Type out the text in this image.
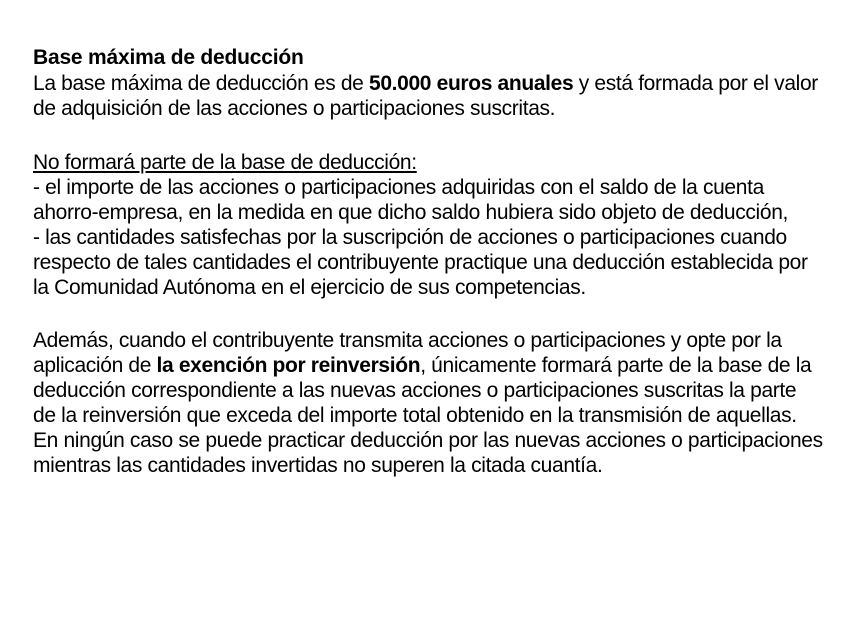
Base máxima de deducción

La base máxima de deducción es de 50.000 euros anuales y está formada por el valor de adquisición de las acciones o participaciones suscritas.

No formará parte de la base de deducción:
- el importe de las acciones o participaciones adquiridas con el saldo de la cuenta ahorro-empresa, en la medida en que dicho saldo hubiera sido objeto de deducción,
- las cantidades satisfechas por la suscripción de acciones o participaciones cuando respecto de tales cantidades el contribuyente practique una deducción establecida por la Comunidad Autónoma en el ejercicio de sus competencias.

Además, cuando el contribuyente transmita acciones o participaciones y opte por la aplicación de la exención por reinversión, únicamente formará parte de la base de la deducción correspondiente a las nuevas acciones o participaciones suscritas la parte de la reinversión que exceda del importe total obtenido en la transmisión de aquellas. En ningún caso se puede practicar deducción por las nuevas acciones o participaciones mientras las cantidades invertidas no superen la citada cuantía.
